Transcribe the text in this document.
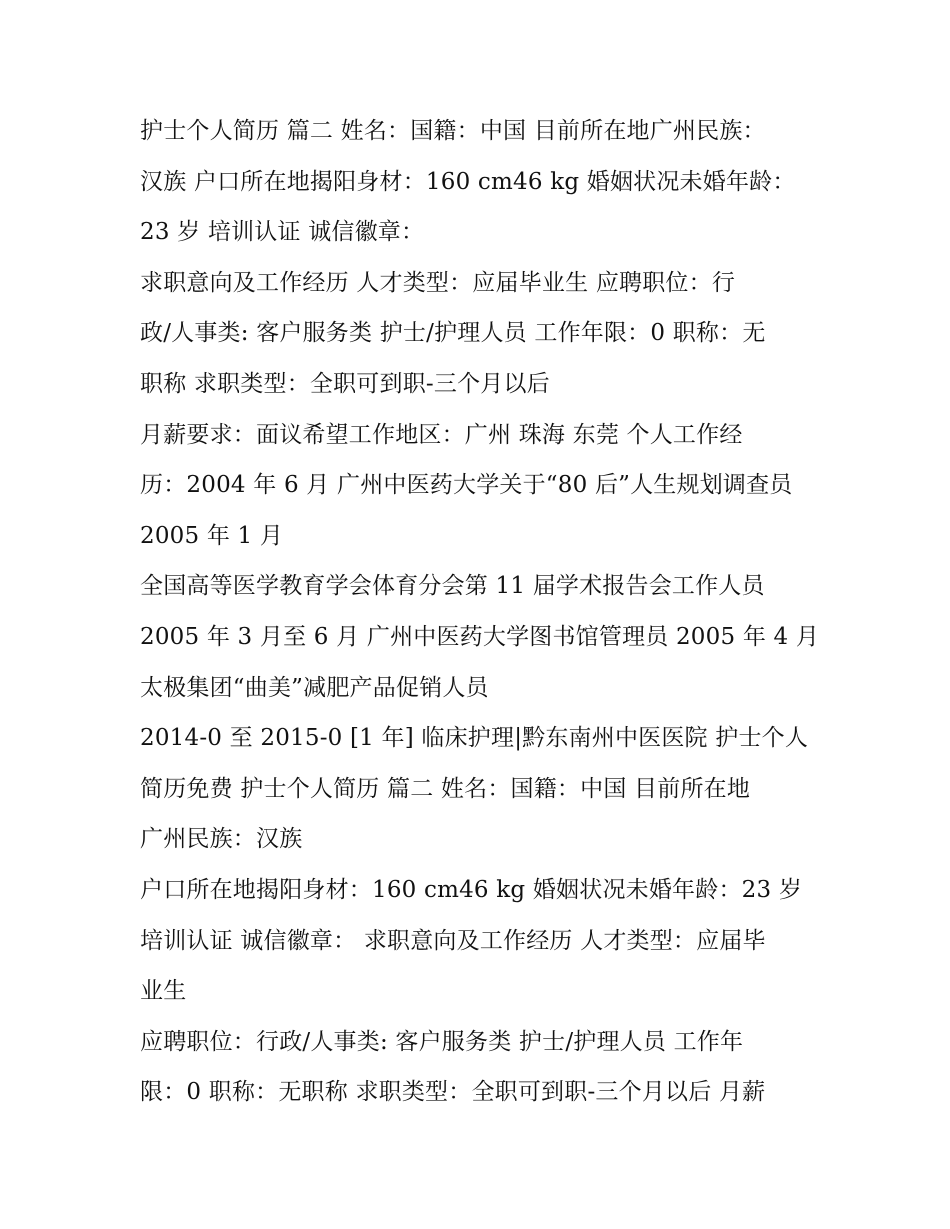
护士个人简历 篇二 姓名：国籍：中国 目前所在地广州民族：
汉族 户口所在地揭阳身材：160 cm46 kg 婚姻状况未婚年龄：
23 岁 培训认证 诚信徽章：
求职意向及工作经历 人才类型：应届毕业生 应聘职位：行
政/人事类: 客户服务类 护士/护理人员 工作年限：0 职称：无
职称 求职类型：全职可到职-三个月以后
月薪要求：面议希望工作地区：广州 珠海 东莞 个人工作经
历：2004 年 6 月 广州中医药大学关于“80 后”人生规划调查员
2005 年 1 月
全国高等医学教育学会体育分会第 11 届学术报告会工作人员
2005 年 3 月至 6 月 广州中医药大学图书馆管理员 2005 年 4 月
太极集团“曲美”减肥产品促销人员
2014-0 至 2015-0 [1 年] 临床护理|黔东南州中医医院 护士个人
简历免费 护士个人简历 篇二 姓名：国籍：中国 目前所在地
广州民族：汉族
户口所在地揭阳身材：160 cm46 kg 婚姻状况未婚年龄：23 岁
培训认证 诚信徽章： 求职意向及工作经历 人才类型：应届毕
业生
应聘职位：行政/人事类: 客户服务类 护士/护理人员 工作年
限：0 职称：无职称 求职类型：全职可到职-三个月以后 月薪
